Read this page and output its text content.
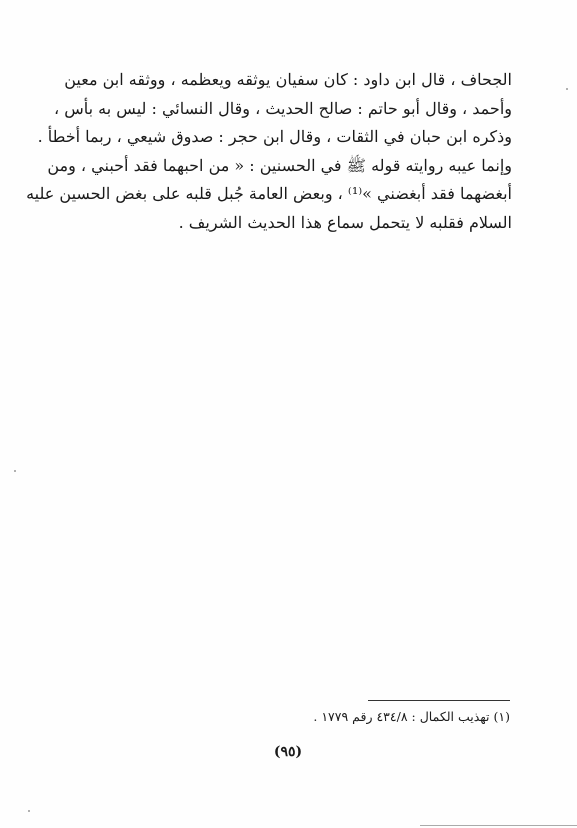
الجحاف ، قال ابن داود : كان سفيان يوثقه ويعظمه ، ووثقه ابن معين
وأحمد ، وقال أبو حاتم : صالح الحديث ، وقال النسائي : ليس به بأس ،
وذكره ابن حبان في الثقات ، وقال ابن حجر : صدوق شيعي ، ربما أخطأ .
وإنما عيبه روايته قوله ﷺ في الحسنين : « من احبهما فقد أحبني ، ومن
أبغضهما فقد أبغضني »⁽¹⁾ ، وبعض العامة جُبل قلبه على بغض الحسين عليه
السلام فقلبه لا يتحمل سماع هذا الحديث الشريف .
(١) تهذيب الكمال : ٤٣٤/٨ رقم ١٧٧٩ .
(٩٥)
